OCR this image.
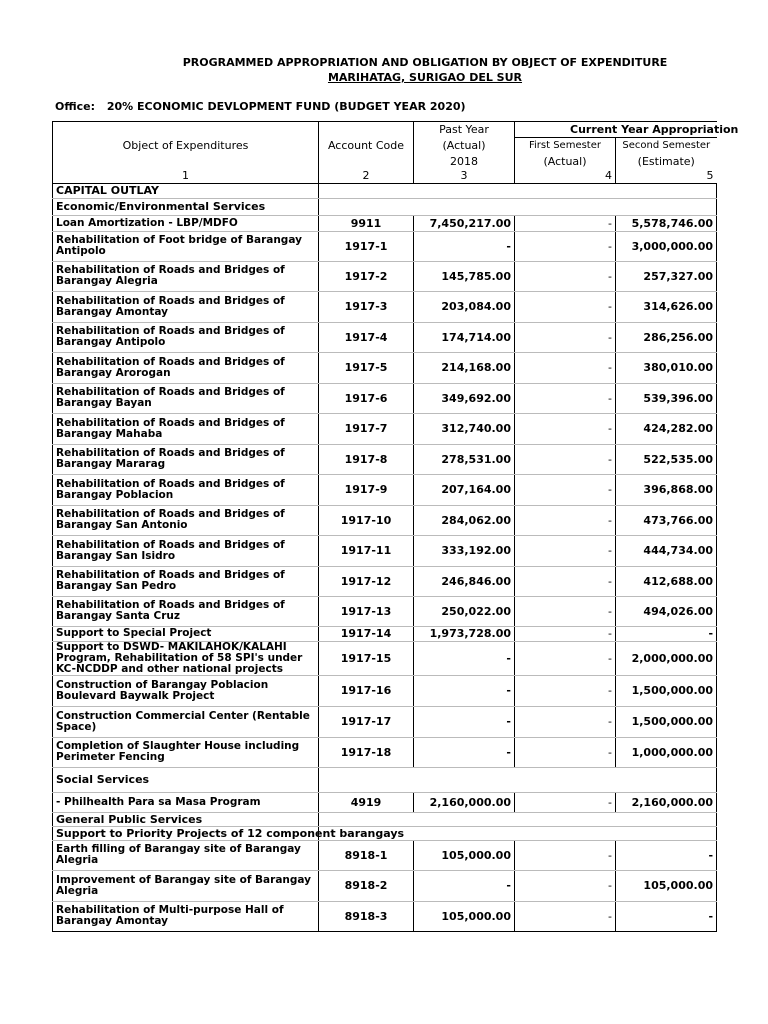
PROGRAMMED APPROPRIATION AND OBLIGATION BY OBJECT OF EXPENDITURE
MARIHATAG, SURIGAO DEL SUR
Office: 20% ECONOMIC DEVLOPMENT FUND (BUDGET YEAR 2020)
Object of Expenditures	Account Code	Past Year	Current Year Appropriation	
		(Actual)	First Semester	Second Semester
		2018	(Actual)	(Estimate)
1	2	3	4	5
CAPITAL OUTLAY				
Economic/Environmental Services				
Loan Amortization - LBP/MDFO	9911	7,450,217.00	-	5,578,746.00
Rehabilitation of Foot bridge of Barangay Antipolo	1917-1	-	-	3,000,000.00
Rehabilitation of Roads and Bridges of Barangay Alegria	1917-2	145,785.00	-	257,327.00
Rehabilitation of Roads and Bridges of Barangay Amontay	1917-3	203,084.00	-	314,626.00
Rehabilitation of Roads and Bridges of Barangay Antipolo	1917-4	174,714.00	-	286,256.00
Rehabilitation of Roads and Bridges of Barangay Arorogan	1917-5	214,168.00	-	380,010.00
Rehabilitation of Roads and Bridges of Barangay Bayan	1917-6	349,692.00	-	539,396.00
Rehabilitation of Roads and Bridges of Barangay Mahaba	1917-7	312,740.00	-	424,282.00
Rehabilitation of Roads and Bridges of Barangay Mararag	1917-8	278,531.00	-	522,535.00
Rehabilitation of Roads and Bridges of Barangay Poblacion	1917-9	207,164.00	-	396,868.00
Rehabilitation of Roads and Bridges of Barangay San Antonio	1917-10	284,062.00	-	473,766.00
Rehabilitation of Roads and Bridges of Barangay San Isidro	1917-11	333,192.00	-	444,734.00
Rehabilitation of Roads and Bridges of Barangay San Pedro	1917-12	246,846.00	-	412,688.00
Rehabilitation of Roads and Bridges of Barangay Santa Cruz	1917-13	250,022.00	-	494,026.00
Support to Special Project	1917-14	1,973,728.00	-	-
Support to DSWD- MAKILAHOK/KALAHI Program, Rehabilitation of 58 SPI's under KC-NCDDP and other national projects	1917-15	-	-	2,000,000.00
Construction of Barangay Poblacion Boulevard Baywalk Project	1917-16	-	-	1,500,000.00
Construction Commercial Center (Rentable Space)	1917-17	-	-	1,500,000.00
Completion of Slaughter House including Perimeter Fencing	1917-18	-	-	1,000,000.00
Social Services				
- Philhealth Para sa Masa Program	4919	2,160,000.00	-	2,160,000.00
General Public Services				
Support to Priority Projects of 12 component barangays				
Earth filling of Barangay site of Barangay Alegria	8918-1	105,000.00	-	-
Improvement of Barangay site of Barangay Alegria	8918-2	-	-	105,000.00
Rehabilitation of Multi-purpose Hall of Barangay Amontay	8918-3	105,000.00	-	-
